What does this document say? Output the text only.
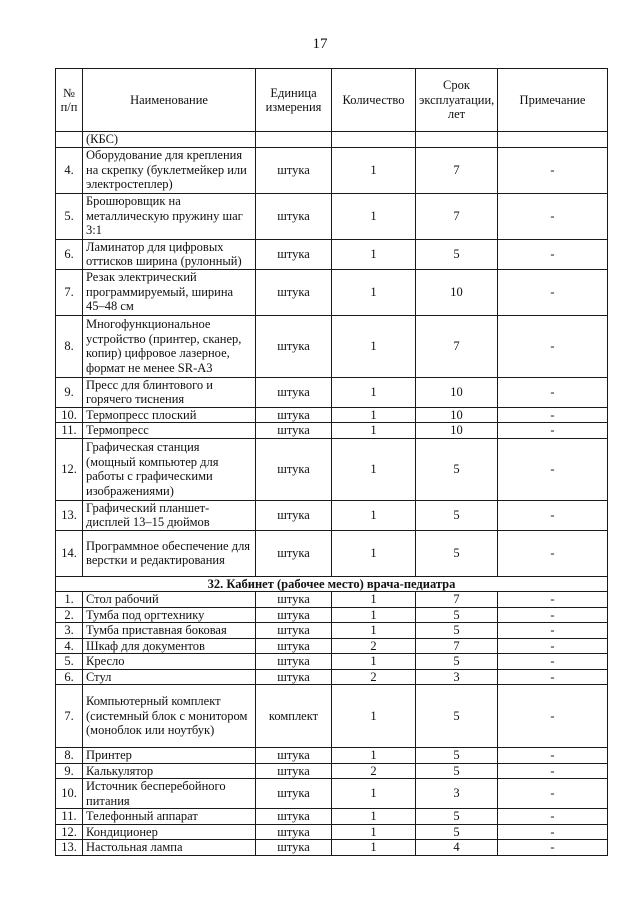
17
№ п/п	Наименование	Единица измерения	Количество	Срок эксплуатации, лет	Примечание
	(КБС)				
4.	Оборудование для крепления на скрепку (буклетмейкер или электростеплер)	штука	1	7	-
5.	Брошюровщик на металлическую пружину шаг 3:1	штука	1	7	-
6.	Ламинатор для цифровых оттисков ширина (рулонный)	штука	1	5	-
7.	Резак электрический программируемый, ширина 45–48 см	штука	1	10	-
8.	Многофункциональное устройство (принтер, сканер, копир) цифровое лазерное, формат не менее SR-A3	штука	1	7	-
9.	Пресс для блинтового и горячего тиснения	штука	1	10	-
10.	Термопресс плоский	штука	1	10	-
11.	Термопресс	штука	1	10	-
12.	Графическая станция (мощный компьютер для работы с графическими изображениями)	штука	1	5	-
13.	Графический планшет-дисплей 13–15 дюймов	штука	1	5	-
14.	Программное обеспечение для верстки и редактирования	штука	1	5	-
32. Кабинет (рабочее место) врача-педиатра					
1.	Стол рабочий	штука	1	7	-
2.	Тумба под оргтехнику	штука	1	5	-
3.	Тумба приставная боковая	штука	1	5	-
4.	Шкаф для документов	штука	2	7	-
5.	Кресло	штука	1	5	-
6.	Стул	штука	2	3	-
7.	Компьютерный комплект (системный блок с монитором (моноблок или ноутбук)	комплект	1	5	-
8.	Принтер	штука	1	5	-
9.	Калькулятор	штука	2	5	-
10.	Источник бесперебойного питания	штука	1	3	-
11.	Телефонный аппарат	штука	1	5	-
12.	Кондиционер	штука	1	5	-
13.	Настольная лампа	штука	1	4	-
